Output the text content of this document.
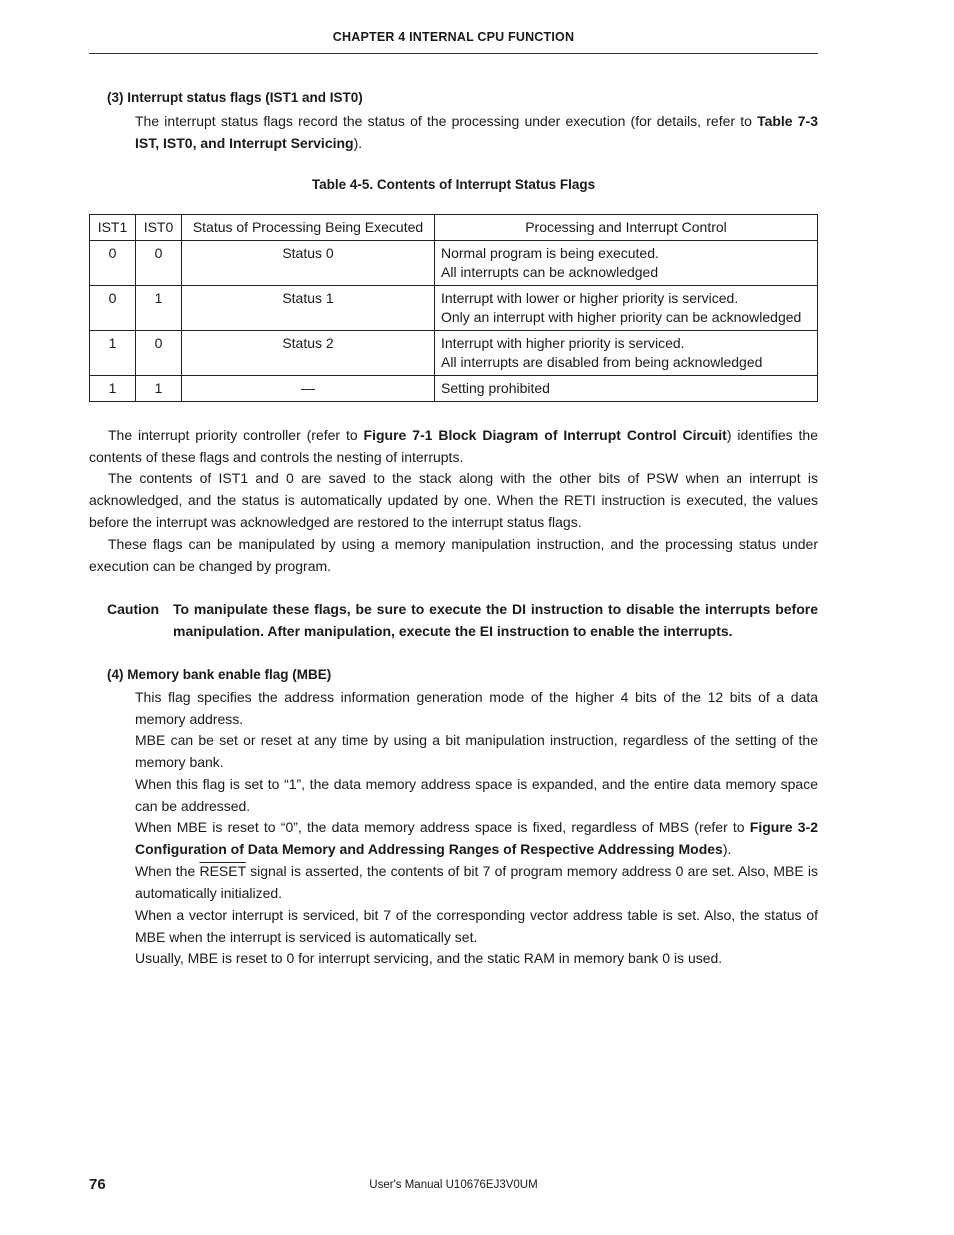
CHAPTER 4 INTERNAL CPU FUNCTION
(3) Interrupt status flags (IST1 and IST0)
The interrupt status flags record the status of the processing under execution (for details, refer to Table 7-3 IST, IST0, and Interrupt Servicing).
Table 4-5. Contents of Interrupt Status Flags
IST1	IST0	Status of Processing Being Executed	Processing and Interrupt Control
0	0	Status 0	Normal program is being executed.
All interrupts can be acknowledged

0	1	Status 1	Interrupt with lower or higher priority is serviced.
Only an interrupt with higher priority can be acknowledged

1	0	Status 2	Interrupt with higher priority is serviced.
All interrupts are disabled from being acknowledged

1	1	—	Setting prohibited
The interrupt priority controller (refer to Figure 7-1 Block Diagram of Interrupt Control Circuit) identifies the contents of these flags and controls the nesting of interrupts.
The contents of IST1 and 0 are saved to the stack along with the other bits of PSW when an interrupt is acknowledged, and the status is automatically updated by one. When the RETI instruction is executed, the values before the interrupt was acknowledged are restored to the interrupt status flags.
These flags can be manipulated by using a memory manipulation instruction, and the processing status under execution can be changed by program.
Caution To manipulate these flags, be sure to execute the DI instruction to disable the interrupts before manipulation. After manipulation, execute the EI instruction to enable the interrupts.
(4) Memory bank enable flag (MBE)
This flag specifies the address information generation mode of the higher 4 bits of the 12 bits of a data memory address.
MBE can be set or reset at any time by using a bit manipulation instruction, regardless of the setting of the memory bank.
When this flag is set to “1”, the data memory address space is expanded, and the entire data memory space can be addressed.
When MBE is reset to “0”, the data memory address space is fixed, regardless of MBS (refer to Figure 3-2 Configuration of Data Memory and Addressing Ranges of Respective Addressing Modes).
When the RESET signal is asserted, the contents of bit 7 of program memory address 0 are set. Also, MBE is automatically initialized.
When a vector interrupt is serviced, bit 7 of the corresponding vector address table is set. Also, the status of MBE when the interrupt is serviced is automatically set.
Usually, MBE is reset to 0 for interrupt servicing, and the static RAM in memory bank 0 is used.
76	User's Manual U10676EJ3V0UM
